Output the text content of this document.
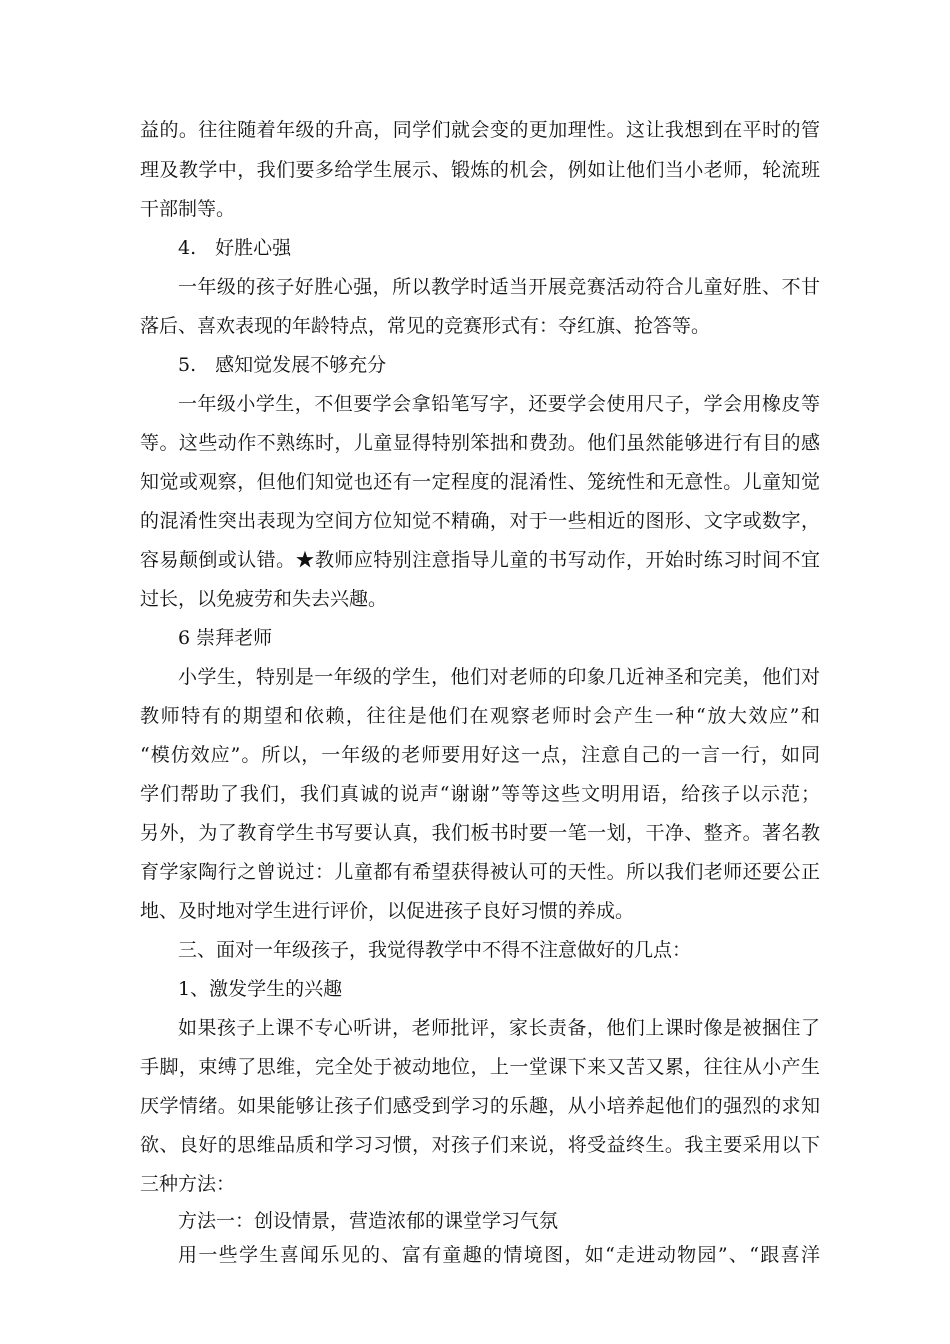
益的。往往随着年级的升高，同学们就会变的更加理性。这让我想到在平时的管
理及教学中，我们要多给学生展示、锻炼的机会，例如让他们当小老师，轮流班
干部制等。
4.　好胜心强
一年级的孩子好胜心强，所以教学时适当开展竞赛活动符合儿童好胜、不甘
落后、喜欢表现的年龄特点，常见的竞赛形式有：夺红旗、抢答等。
5.　感知觉发展不够充分
一年级小学生，不但要学会拿铅笔写字，还要学会使用尺子，学会用橡皮等
等。这些动作不熟练时，儿童显得特别笨拙和费劲。他们虽然能够进行有目的感
知觉或观察，但他们知觉也还有一定程度的混淆性、笼统性和无意性。儿童知觉
的混淆性突出表现为空间方位知觉不精确，对于一些相近的图形、文字或数字，
容易颠倒或认错。★教师应特别注意指导儿童的书写动作，开始时练习时间不宜
过长，以免疲劳和失去兴趣。
6 崇拜老师
小学生，特别是一年级的学生，他们对老师的印象几近神圣和完美，他们对
教师特有的期望和依赖，往往是他们在观察老师时会产生一种“放大效应”和
“模仿效应”。所以，一年级的老师要用好这一点，注意自己的一言一行，如同
学们帮助了我们，我们真诚的说声“谢谢”等等这些文明用语，给孩子以示范；
另外，为了教育学生书写要认真，我们板书时要一笔一划，干净、整齐。著名教
育学家陶行之曾说过：儿童都有希望获得被认可的天性。所以我们老师还要公正
地、及时地对学生进行评价，以促进孩子良好习惯的养成。
三、面对一年级孩子，我觉得教学中不得不注意做好的几点：
1、激发学生的兴趣
如果孩子上课不专心听讲，老师批评，家长责备，他们上课时像是被捆住了
手脚，束缚了思维，完全处于被动地位，上一堂课下来又苦又累，往往从小产生
厌学情绪。如果能够让孩子们感受到学习的乐趣，从小培养起他们的强烈的求知
欲、良好的思维品质和学习习惯，对孩子们来说，将受益终生。我主要采用以下
三种方法：
方法一：创设情景，营造浓郁的课堂学习气氛
用一些学生喜闻乐见的、富有童趣的情境图，如“走进动物园”、“跟喜洋
